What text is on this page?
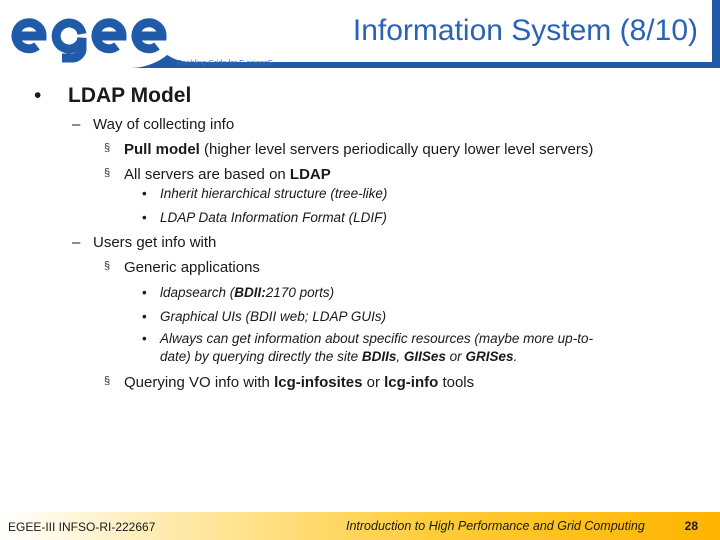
Information System (8/10)
Enabling Grids for E-sciencE
• LDAP Model
– Way of collecting info
§ Pull model (higher level servers periodically query lower level servers)
§ All servers are based on LDAP
• Inherit hierarchical structure (tree-like)
• LDAP Data Information Format (LDIF)
– Users get info with
§ Generic applications
• ldapsearch (BDII:2170 ports)
• Graphical UIs (BDII web; LDAP GUIs)
• Always can get information about specific resources (maybe more up-to-
date) by querying directly the site BDIIs, GIISes or GRISes.
§ Querying VO info with lcg-infosites or lcg-info tools
EGEE-III INFSO-RI-222667	Introduction to High Performance and Grid Computing	28
